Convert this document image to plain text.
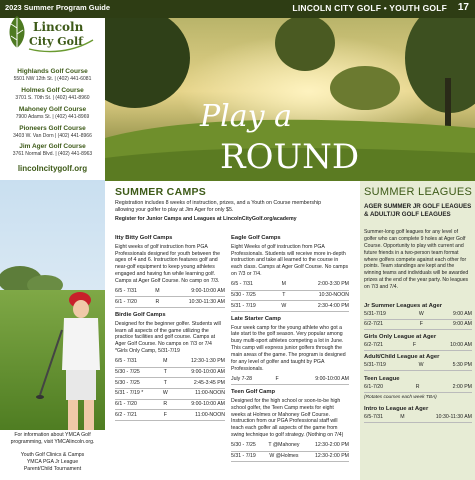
2023 Summer Program Guide	LINCOLN CITY GOLF • YOUTH GOLF 17
Lincoln
City Golf
Highlands Golf Course
5501 NW 12th St. | (402) 441-6081
Holmes Golf Course
3701 S. 70th St. | (402) 441-8960
Mahoney Golf Course
7900 Adams St. | (402) 441-8969
Pioneers Golf Course
3403 W. Van Dorn | (402) 441-8966
Jim Ager Golf Course
3761 Normal Blvd. | (402) 441-8963
lincolncitygolf.org
For information about YMCA Golf programming, visit YMCAlincoln.org.
Youth Golf Clinics & Camps
YMCA PGA Jr League
Parent/Child Tournament
Play a
ROUND
SUMMER CAMPS
Registration includes 8 weeks of instruction, prizes, and a Youth on Course membership allowing your golfer to play at Jim Ager for only $5.
Register for Junior Camps and Leagues at LincolnCityGolf.org/academy
Itty Bitty Golf Camps

Eight weeks of golf instruction from PGA Professionals designed for youth between the ages of 4 and 6. Instruction features golf and near-golf equipment to keep young athletes engaged and having fun while learning golf. Camps at Ager Golf Course. No camp on 7/3.

6/5 - 7/31	M	9:00-10:00 AM
6/1 - 7/20	R	10:30-11:30 AM
Birdie Golf Camps

Designed for the beginner golfer. Students will learn all aspects of the game utilizing the practice facilities and golf course. Camps at Ager Golf Course. No camps on 7/3 or 7/4 *Girls Only Camp, 5/31-7/19

6/5 - 7/31	M	12:30-1:30 PM
5/30 - 7/25	T	9:00-10:00 AM
5/30 - 7/25	T	2:45-3:45 PM
5/31 - 7/19 *	W	11:00-NOON
6/1 - 7/20	R	9:00-10:00 AM
6/2 - 7/21	F	11:00-NOON
Eagle Golf Camps

Eight Weeks of golf instruction from PGA Professionals. Students will receive more in-depth instruction and take all learned to the course in each class. Camps at Ager Golf Course. No camps on 7/3 or 7/4.

6/5 - 7/31	M	2:00-3:30 PM
5/30 - 7/25	T	10:30-NOON
5/31 - 7/19	W	2:30-4:00 PM
Late Starter Camp

Four week camp for the young athlete who got a late start to the golf season. Very popular among busy multi-sport athletes competing a lot in June. This camp will express junior golfers through the main areas of the game. The program is designed for any level of golfer and taught by PGA Professionals.

July 7-28	F	9:00-10:00 AM
Teen Golf Camp

Designed for the high school or soon-to-be high school golfer, the Teen Camp meets for eight weeks at Holmes or Mahoney Golf Course. Instruction from our PGA Professional staff will teach each golfer all aspects of the game from swing technique to golf strategy. (Nothing on 7/4)

5/30 - 7/25	T @Mahoney	12:30-2:00 PM
5/31 - 7/19	W @Holmes	12:30-2:00 PM
SUMMER LEAGUES
AGER SUMMER JR GOLF LEAGUES & ADULT/JR GOLF LEAGUES
Summer-long golf leagues for any level of golfer who can complete 9 holes at Ager Golf Course. Opportunity to play with current and future friends in a two-person team format where golfers compete against each other for points. Team standings are kept and the winning teams and individuals will be awarded prizes at the end of the year party. No leagues on 7/3 and 7/4.
Jr Summer Leagues at Ager
5/31-7/19	W	9:00 AM
6/2-7/21	F	9:00 AM
Girls Only League at Ager
6/2-7/21	F	10:00 AM
Adult/Child League at Ager
5/31-7/19	W	5:30 PM
Teen League
6/1-7/20	R	2:00 PM
(Rotates courses each week TBA)
Intro to League at Ager
6/5-7/31	M	10:30-11:30 AM
